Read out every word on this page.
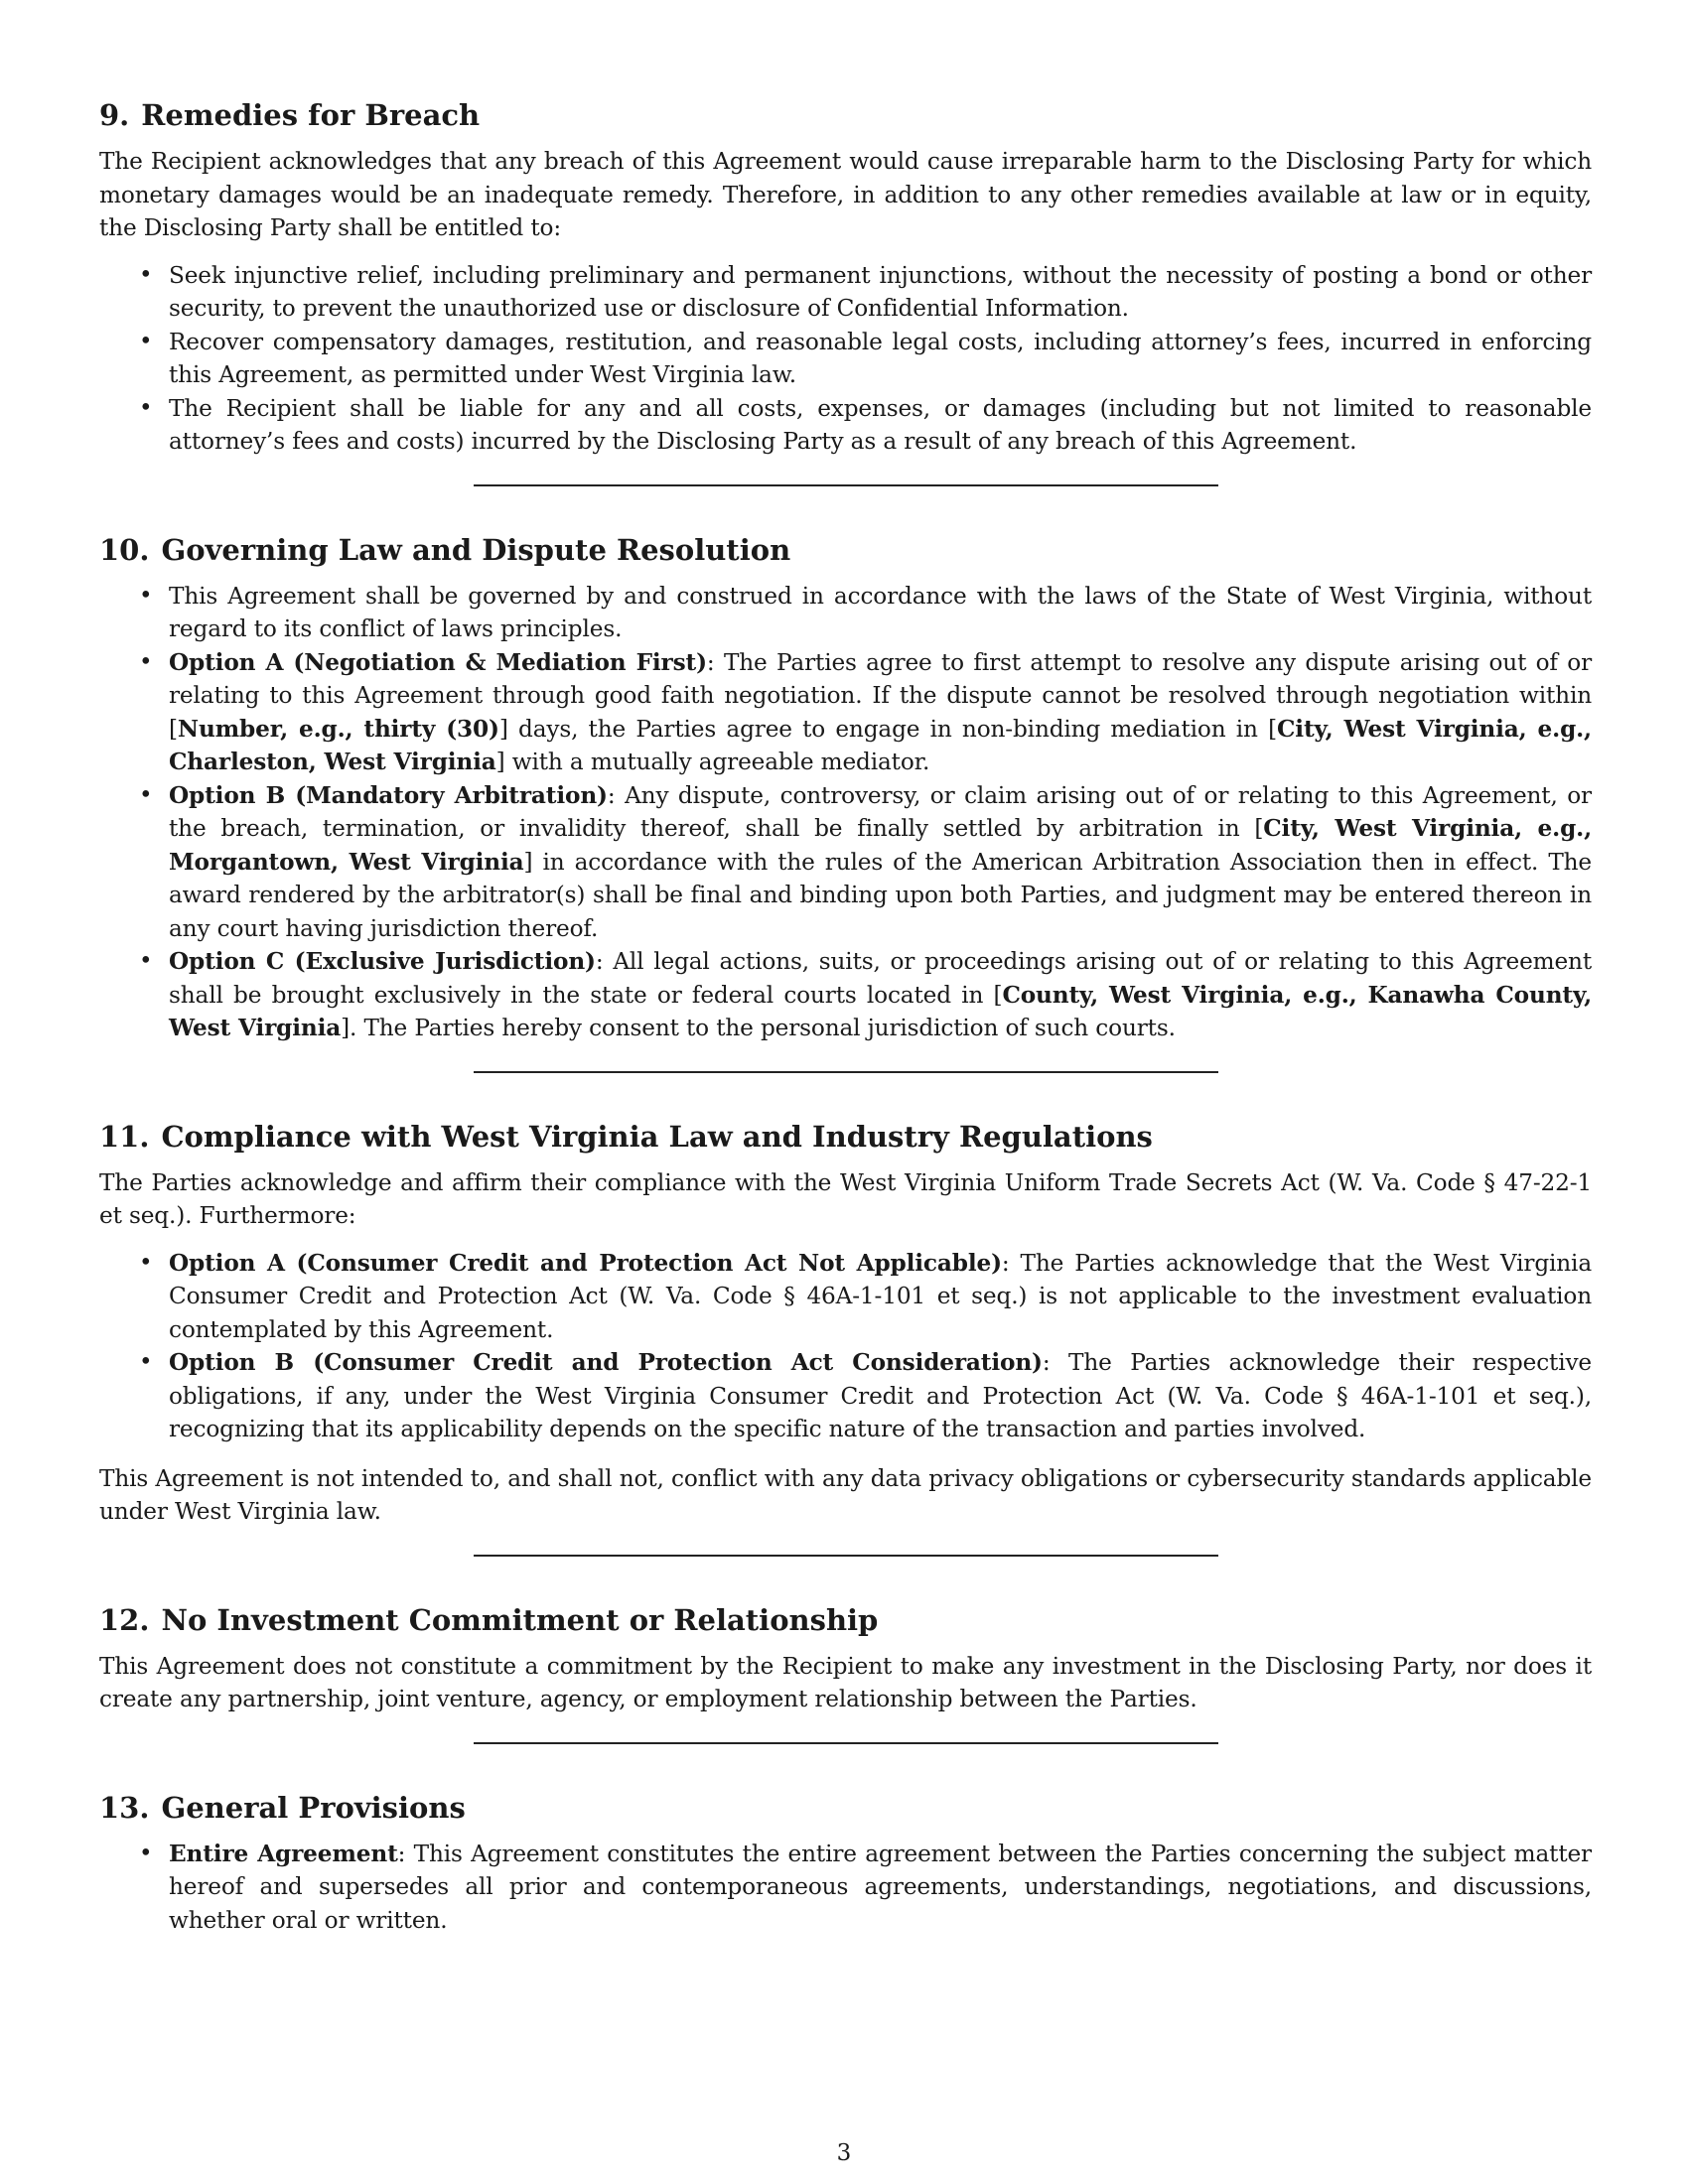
9. Remedies for Breach

The Recipient acknowledges that any breach of this Agreement would cause irreparable harm to the Disclosing Party for which monetary damages would be an inadequate remedy. Therefore, in addition to any other remedies available at law or in equity, the Disclosing Party shall be entitled to:

• Seek injunctive relief, including preliminary and permanent injunctions, without the necessity of posting a bond or other security, to prevent the unauthorized use or disclosure of Confidential Information.
• Recover compensatory damages, restitution, and reasonable legal costs, including attorney’s fees, incurred in enforcing this Agreement, as permitted under West Virginia law.
• The Recipient shall be liable for any and all costs, expenses, or damages (including but not limited to reasonable attorney’s fees and costs) incurred by the Disclosing Party as a result of any breach of this Agreement.
10. Governing Law and Dispute Resolution
• This Agreement shall be governed by and construed in accordance with the laws of the State of West Virginia, without regard to its conflict of laws principles.
• Option A (Negotiation & Mediation First): The Parties agree to first attempt to resolve any dispute arising out of or relating to this Agreement through good faith negotiation. If the dispute cannot be resolved through negotiation within [Number, e.g., thirty (30)] days, the Parties agree to engage in non-binding mediation in [City, West Virginia, e.g., Charleston, West Virginia] with a mutually agreeable mediator.
• Option B (Mandatory Arbitration): Any dispute, controversy, or claim arising out of or relating to this Agreement, or the breach, termination, or invalidity thereof, shall be finally settled by arbitration in [City, West Virginia, e.g., Morgantown, West Virginia] in accordance with the rules of the American Arbitration Association then in effect. The award rendered by the arbitrator(s) shall be final and binding upon both Parties, and judgment may be entered thereon in any court having jurisdiction thereof.
• Option C (Exclusive Jurisdiction): All legal actions, suits, or proceedings arising out of or relating to this Agreement shall be brought exclusively in the state or federal courts located in [County, West Virginia, e.g., Kanawha County, West Virginia]. The Parties hereby consent to the personal jurisdiction of such courts.
11. Compliance with West Virginia Law and Industry Regulations

The Parties acknowledge and affirm their compliance with the West Virginia Uniform Trade Secrets Act (W. Va. Code § 47-22-1 et seq.). Furthermore:

• Option A (Consumer Credit and Protection Act Not Applicable): The Parties acknowledge that the West Virginia Consumer Credit and Protection Act (W. Va. Code § 46A-1-101 et seq.) is not applicable to the investment evaluation contemplated by this Agreement.
• Option B (Consumer Credit and Protection Act Consideration): The Parties acknowledge their respective obligations, if any, under the West Virginia Consumer Credit and Protection Act (W. Va. Code § 46A-1-101 et seq.), recognizing that its applicability depends on the specific nature of the transaction and parties involved.

This Agreement is not intended to, and shall not, conflict with any data privacy obligations or cybersecurity standards applicable under West Virginia law.

12. No Investment Commitment or Relationship

This Agreement does not constitute a commitment by the Recipient to make any investment in the Disclosing Party, nor does it create any partnership, joint venture, agency, or employment relationship between the Parties.

13. General Provisions
• Entire Agreement: This Agreement constitutes the entire agreement between the Parties concerning the subject matter hereof and supersedes all prior and contemporaneous agreements, understandings, negotiations, and discussions, whether oral or written.
3
